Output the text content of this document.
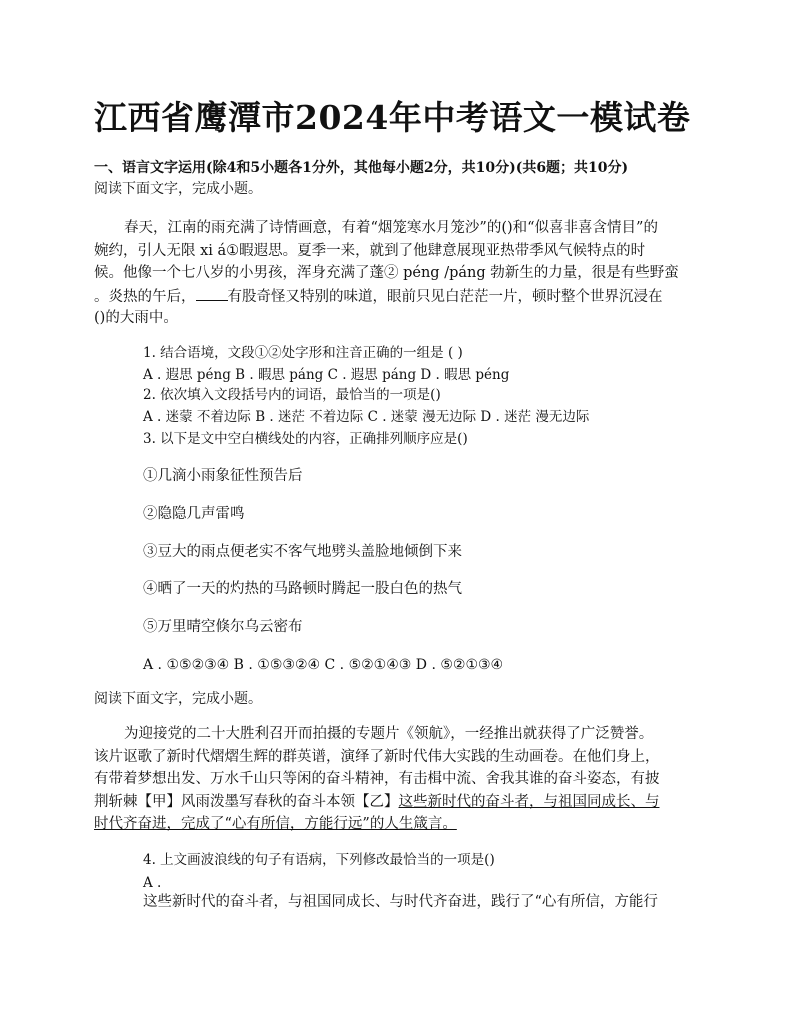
江西省鹰潭市2024年中考语文一模试卷
一、语言文字运用(除4和5小题各1分外，其他每小题2分，共10分)(共6题；共10分)
阅读下面文字，完成小题。
春天，江南的雨充满了诗情画意，有着“烟笼寒水月笼沙”的()和“似喜非喜含情目”的
婉约，引人无限 xi á①暇遐思。夏季一来，就到了他肆意展现亚热带季风气候特点的时
候。他像一个七八岁的小男孩，浑身充满了蓬② péng /páng 勃新生的力量，很是有些野蛮
。炎热的午后， 有股奇怪又特别的味道，眼前只见白茫茫一片，顿时整个世界沉浸在
()的大雨中。
1. 结合语境，文段①②处字形和注音正确的一组是 ( )
A . 遐思 péng B . 暇思 páng C . 遐思 páng D . 暇思 péng
2. 依次填入文段括号内的词语，最恰当的一项是()
A . 迷蒙 不着边际 B . 迷茫 不着边际 C . 迷蒙 漫无边际 D . 迷茫 漫无边际
3. 以下是文中空白横线处的内容，正确排列顺序应是()
①几滴小雨象征性预告后
②隐隐几声雷鸣
③豆大的雨点便老实不客气地劈头盖脸地倾倒下来
④晒了一天的灼热的马路顿时腾起一股白色的热气
⑤万里晴空倏尔乌云密布
A . ①⑤②③④ B . ①⑤③②④ C . ⑤②①④③ D . ⑤②①③④
阅读下面文字，完成小题。
为迎接党的二十大胜利召开而拍摄的专题片《领航》，一经推出就获得了广泛赞誉。
该片讴歌了新时代熠熠生辉的群英谱，演绎了新时代伟大实践的生动画卷。在他们身上，
有带着梦想出发、万水千山只等闲的奋斗精神，有击楫中流、舍我其谁的奋斗姿态，有披
荆斩棘【甲】风雨泼墨写春秋的奋斗本领【乙】这些新时代的奋斗者，与祖国同成长、与
时代齐奋进，完成了“心有所信，方能行远”的人生箴言。
4. 上文画波浪线的句子有语病，下列修改最恰当的一项是()
A .
这些新时代的奋斗者，与祖国同成长、与时代齐奋进，践行了“心有所信，方能行
